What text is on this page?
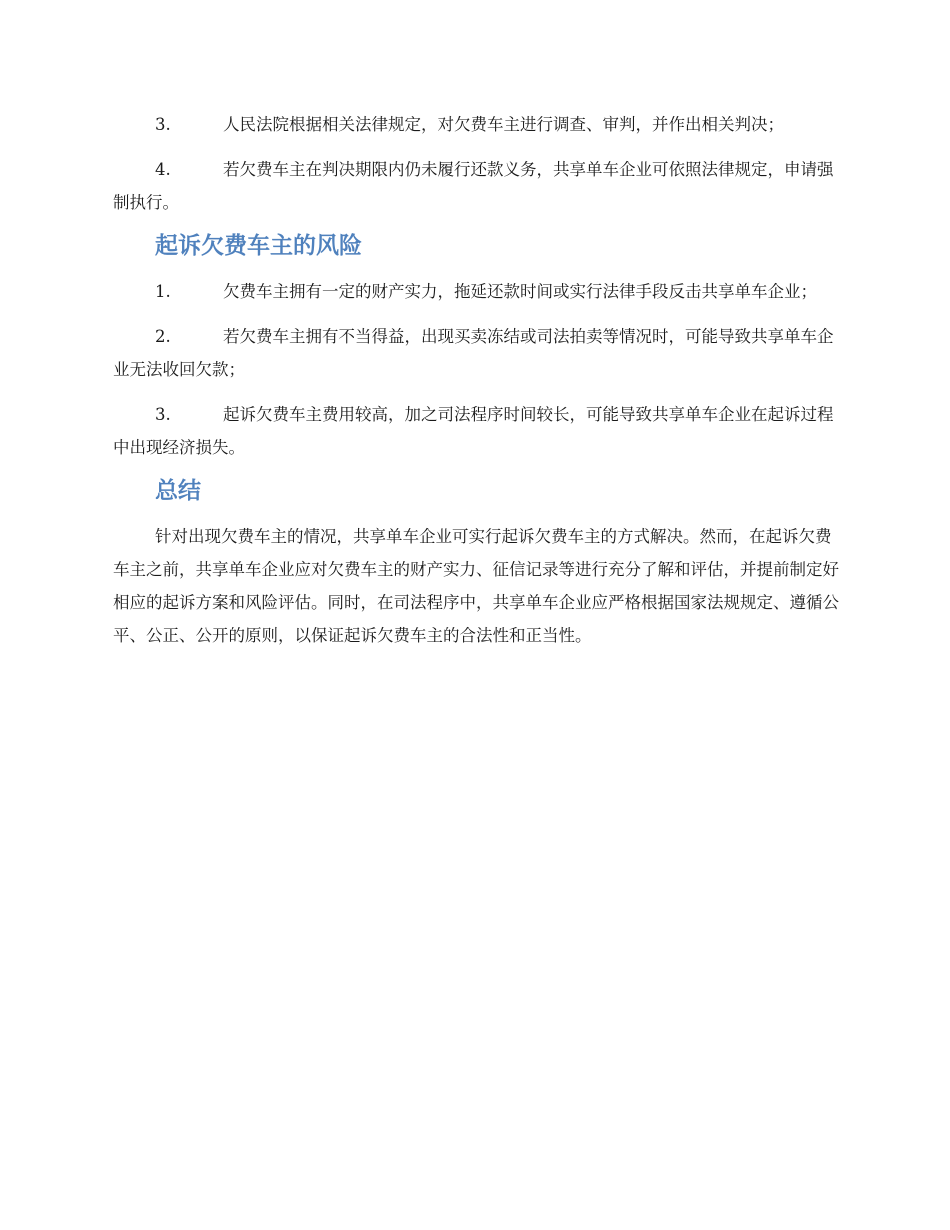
3.	人民法院根据相关法律规定，对欠费车主进行调查、审判，并作出相关判决；

4.	若欠费车主在判决期限内仍未履行还款义务，共享单车企业可依照法律规定，申请强制执行。

起诉欠费车主的风险

1.	欠费车主拥有一定的财产实力，拖延还款时间或实行法律手段反击共享单车企业；

2.	若欠费车主拥有不当得益，出现买卖冻结或司法拍卖等情况时，可能导致共享单车企业无法收回欠款；

3.	起诉欠费车主费用较高，加之司法程序时间较长，可能导致共享单车企业在起诉过程中出现经济损失。

总结

针对出现欠费车主的情况，共享单车企业可实行起诉欠费车主的方式解决。然而，在起诉欠费车主之前，共享单车企业应对欠费车主的财产实力、征信记录等进行充分了解和评估，并提前制定好相应的起诉方案和风险评估。同时，在司法程序中，共享单车企业应严格根据国家法规规定、遵循公平、公正、公开的原则，以保证起诉欠费车主的合法性和正当性。
